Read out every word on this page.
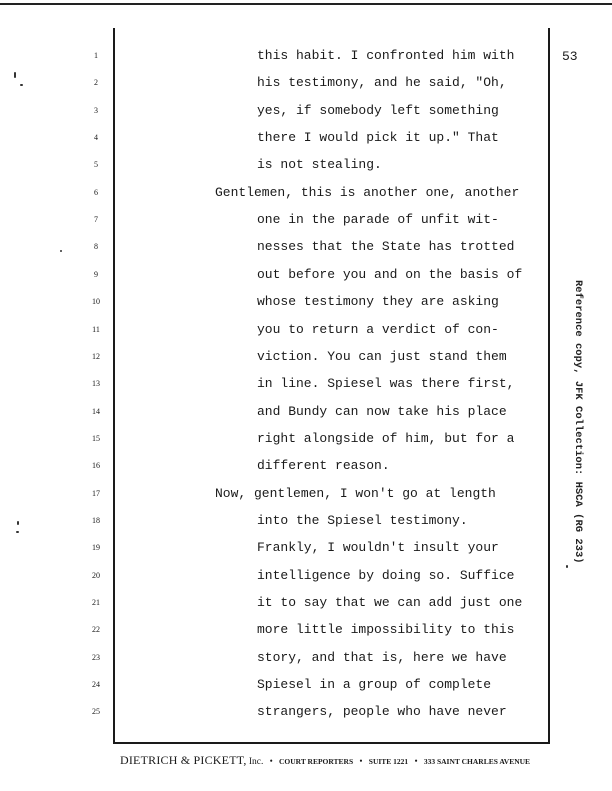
53
1	this habit. I confronted him with
2	his testimony, and he said, "Oh,
3	yes, if somebody left something
4	there I would pick it up." That
5	is not stealing.
6	Gentlemen, this is another one, another
7	one in the parade of unfit wit-
8	nesses that the State has trotted
9	out before you and on the basis of
10	whose testimony they are asking
11	you to return a verdict of con-
12	viction. You can just stand them
13	in line. Spiesel was there first,
14	and Bundy can now take his place
15	right alongside of him, but for a
16	different reason.
17	Now, gentlemen, I won't go at length
18	into the Spiesel testimony.
19	Frankly, I wouldn't insult your
20	intelligence by doing so. Suffice
21	it to say that we can add just one
22	more little impossibility to this
23	story, and that is, here we have
24	Spiesel in a group of complete
25	strangers, people who have never
Reference copy, JFK Collection: HSCA (RG 233)
DIETRICH & PICKETT, Inc. • COURT REPORTERS • SUITE 1221 • 333 SAINT CHARLES AVENUE
